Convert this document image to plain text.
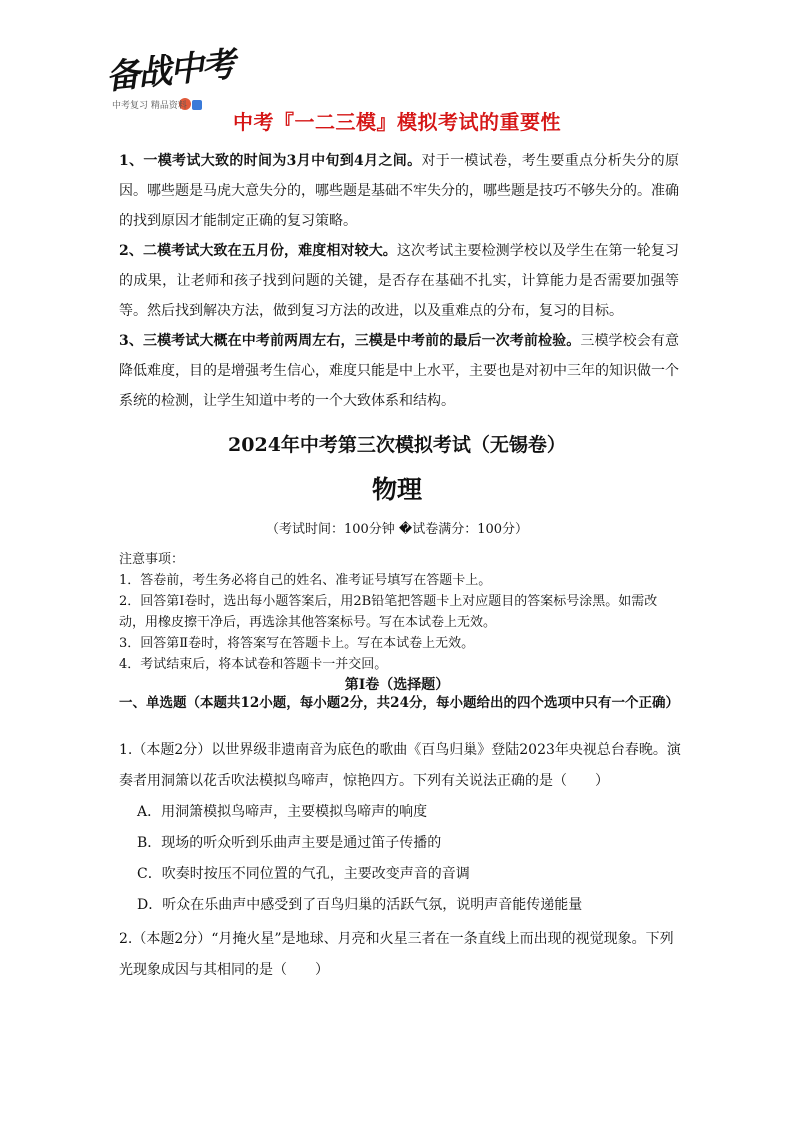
备战中考
中考复习 精品资料
中考『一二三模』模拟考试的重要性

1、一模考试大致的时间为3月中旬到4月之间。对于一模试卷，考生要重点分析失分的原因。哪些题是马虎大意失分的，哪些题是基础不牢失分的，哪些题是技巧不够失分的。准确的找到原因才能制定正确的复习策略。

2、二模考试大致在五月份，难度相对较大。这次考试主要检测学校以及学生在第一轮复习的成果，让老师和孩子找到问题的关键，是否存在基础不扎实，计算能力是否需要加强等等。然后找到解决方法，做到复习方法的改进，以及重难点的分布，复习的目标。

3、三模考试大概在中考前两周左右，三模是中考前的最后一次考前检验。三模学校会有意降低难度，目的是增强考生信心，难度只能是中上水平，主要也是对初中三年的知识做一个系统的检测，让学生知道中考的一个大致体系和结构。

2024年中考第三次模拟考试（无锡卷）
物理
（考试时间：100分钟 �试卷满分：100分）
注意事项：
1．答卷前，考生务必将自己的姓名、准考证号填写在答题卡上。
2．回答第Ⅰ卷时，选出每小题答案后，用2B铅笔把答题卡上对应题目的答案标号涂黑。如需改动，用橡皮擦干净后，再选涂其他答案标号。写在本试卷上无效。
3．回答第Ⅱ卷时，将答案写在答题卡上。写在本试卷上无效。
4．考试结束后，将本试卷和答题卡一并交回。
第Ⅰ卷（选择题）
一、单选题（本题共12小题，每小题2分，共24分，每小题给出的四个选项中只有一个正确）
1.（本题2分）以世界级非遗南音为底色的歌曲《百鸟归巢》登陆2023年央视总台春晚。演奏者用洞箫以花舌吹法模拟鸟啼声，惊艳四方。下列有关说法正确的是（　　）
A．用洞箫模拟鸟啼声，主要模拟鸟啼声的响度
B．现场的听众听到乐曲声主要是通过笛子传播的
C．吹奏时按压不同位置的气孔，主要改变声音的音调
D．听众在乐曲声中感受到了百鸟归巢的活跃气氛，说明声音能传递能量
2.（本题2分）“月掩火星”是地球、月亮和火星三者在一条直线上而出现的视觉现象。下列光现象成因与其相同的是（　　）
